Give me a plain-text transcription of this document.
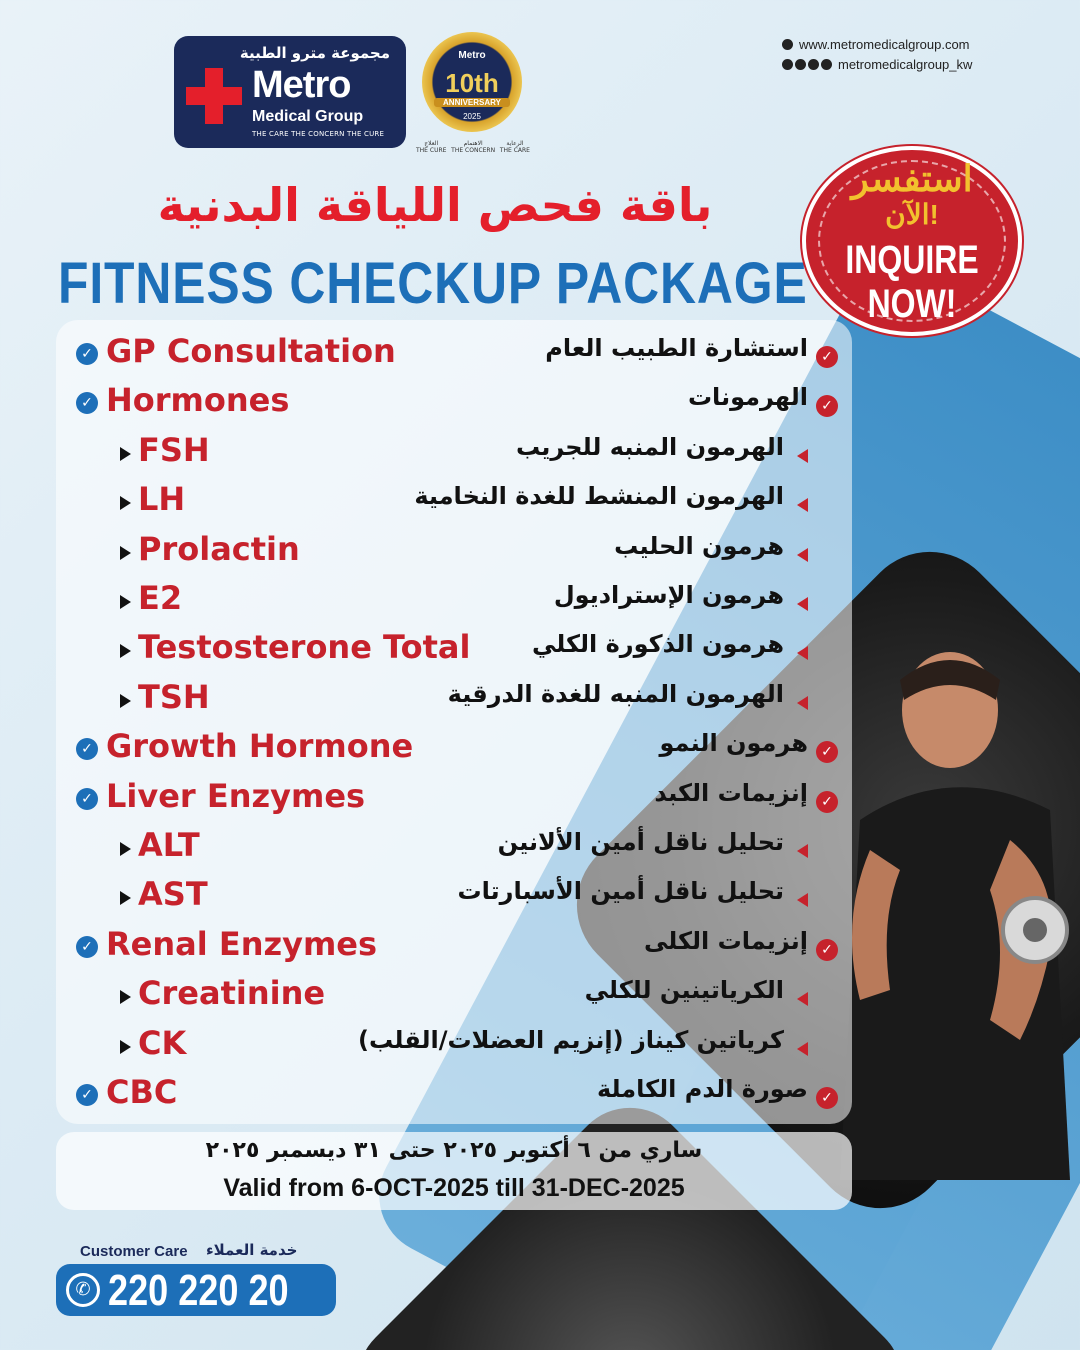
مجموعة مترو الطبية
Metro
Medical Group
THE CARE THE CONCERN THE CURE
Metro
10th
ANNIVERSARY
2025
العلاج
THE CURE
الاهتمام
THE CONCERN
الرعاية
THE CARE
www.metromedicalgroup.com
metromedicalgroup_kw
باقة فحص اللياقة البدنية
FITNESS CHECKUP PACKAGE
استفسر
الآن!
INQUIRE
NOW!
✓ GP Consultation	استشارة الطبيب العام ✓
✓ Hormones	الهرمونات ✓
FSH	الهرمون المنبه للجريب
LH	الهرمون المنشط للغدة النخامية
Prolactin	هرمون الحليب
E2	هرمون الإستراديول
Testosterone Total	هرمون الذكورة الكلي
TSH	الهرمون المنبه للغدة الدرقية
✓ Growth Hormone	هرمون النمو ✓
✓ Liver Enzymes	إنزيمات الكبد ✓
ALT	تحليل ناقل أمين الألانين
AST	تحليل ناقل أمين الأسبارتات
✓ Renal Enzymes	إنزيمات الكلى ✓
Creatinine	الكرياتينين للكلي
CK	كرياتين كيناز (إنزيم العضلات/القلب)
✓ CBC	صورة الدم الكاملة ✓
ساري من ٦ أكتوبر ٢٠٢٥ حتى ٣١ ديسمبر ٢٠٢٥
Valid from 6-OCT-2025 till 31-DEC-2025
Customer Care خدمة العملاء
✆ 220 220 20
